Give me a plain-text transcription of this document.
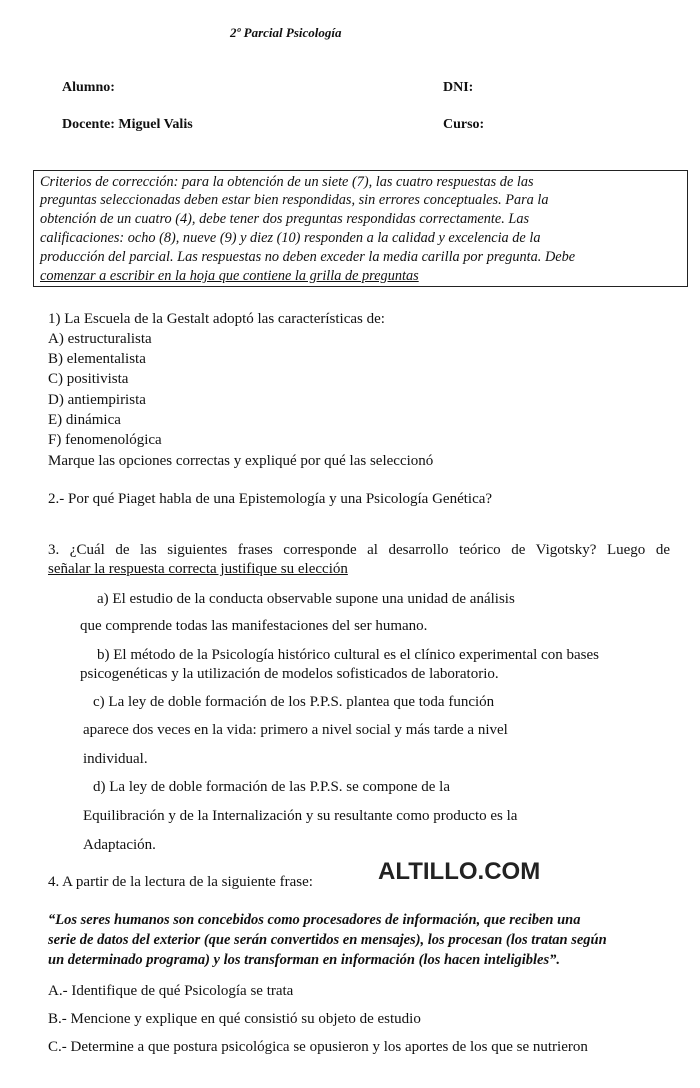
2º Parcial Psicología
Alumno:	DNI:
Docente: Miguel Valis	Curso:
Criterios de corrección: para la obtención de un siete (7), las cuatro respuestas de las
preguntas seleccionadas deben estar bien respondidas, sin errores conceptuales. Para la
obtención de un cuatro (4), debe tener dos preguntas respondidas correctamente. Las
calificaciones: ocho (8), nueve (9) y diez (10) responden a la calidad y excelencia de la
producción del parcial. Las respuestas no deben exceder la media carilla por pregunta. Debe
comenzar a escribir en la hoja que contiene la grilla de preguntas
1) La Escuela de la Gestalt adoptó las características de:
A) estructuralista
B) elementalista
C) positivista
D) antiempirista
E) dinámica
F) fenomenológica
Marque las opciones correctas y expliqué por qué las seleccionó
2.- Por qué Piaget habla de una Epistemología y una Psicología Genética?
3. ¿Cuál de las siguientes frases corresponde al desarrollo teórico de Vigotsky? Luego de
señalar la respuesta correcta justifique su elección
a) El estudio de la conducta observable supone una unidad de análisis
que comprende todas las manifestaciones del ser humano.
b) El método de la Psicología histórico cultural es el clínico experimental con bases
psicogenéticas y la utilización de modelos sofisticados de laboratorio.
c) La ley de doble formación de los P.P.S. plantea que toda función
aparece dos veces en la vida: primero a nivel social y más tarde a nivel
individual.
d) La ley de doble formación de las P.P.S. se compone de la
Equilibración y de la Internalización y su resultante como producto es la
Adaptación.
ALTILLO.COM
4. A partir de la lectura de la siguiente frase:
“Los seres humanos son concebidos como procesadores de información, que reciben una
serie de datos del exterior (que serán convertidos en mensajes), los procesan (los tratan según
un determinado programa) y los transforman en información (los hacen inteligibles”.
A.- Identifique de qué Psicología se trata
B.- Mencione y explique en qué consistió su objeto de estudio
C.- Determine a que postura psicológica se opusieron y los aportes de los que se nutrieron
